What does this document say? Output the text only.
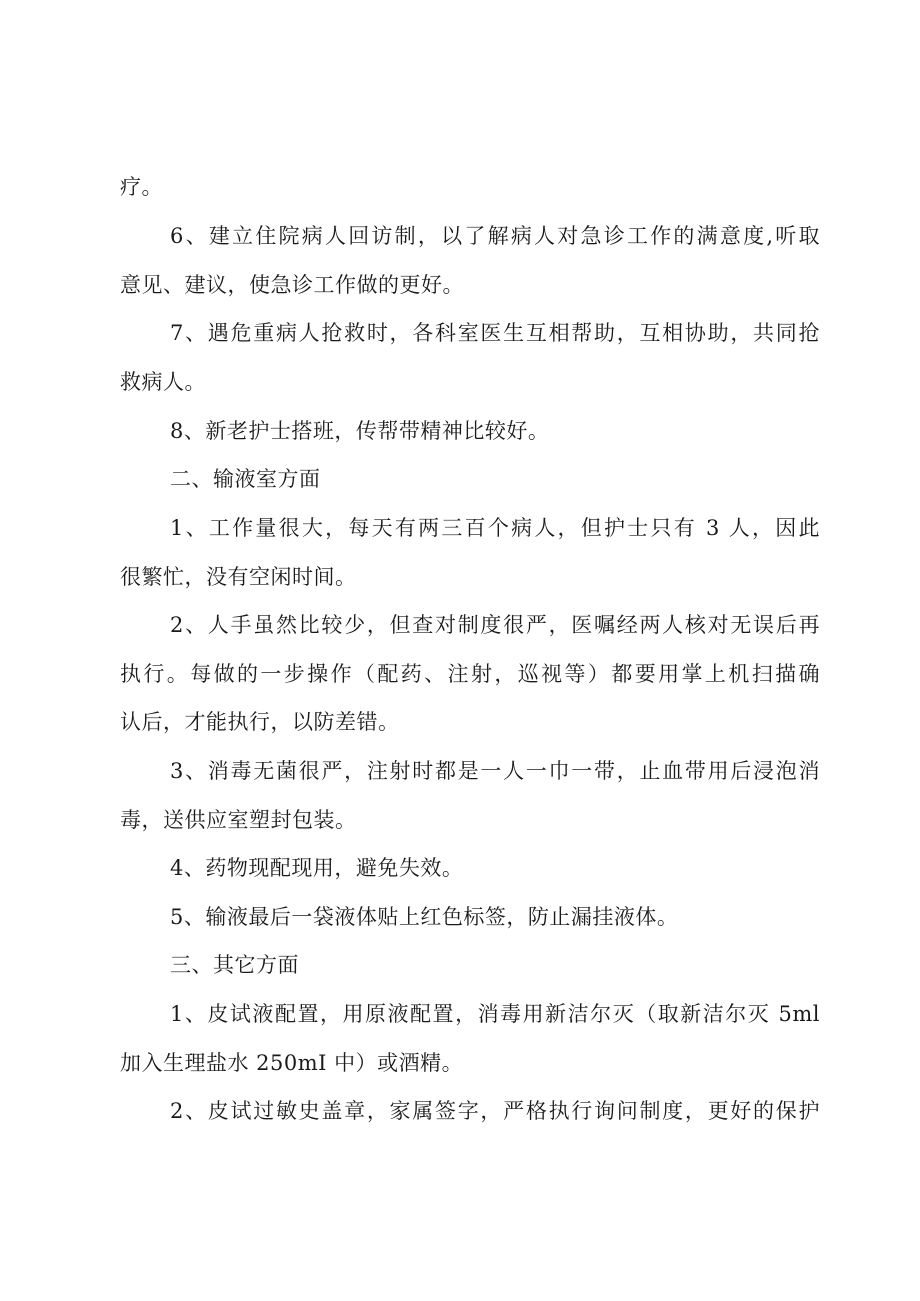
疗。

6、建立住院病人回访制，以了解病人对急诊工作的满意度,听取

意见、建议，使急诊工作做的更好。

7、遇危重病人抢救时，各科室医生互相帮助，互相协助，共同抢

救病人。

8、新老护士搭班，传帮带精神比较好。

二、输液室方面

1、工作量很大，每天有两三百个病人，但护士只有 3 人，因此

很繁忙，没有空闲时间。

2、人手虽然比较少，但查对制度很严，医嘱经两人核对无误后再

执行。每做的一步操作（配药、注射，巡视等）都要用掌上机扫描确

认后，才能执行，以防差错。

3、消毒无菌很严，注射时都是一人一巾一带，止血带用后浸泡消

毒，送供应室塑封包装。

4、药物现配现用，避免失效。

5、输液最后一袋液体贴上红色标签，防止漏挂液体。

三、其它方面

1、皮试液配置，用原液配置，消毒用新洁尔灭（取新洁尔灭 5ml

加入生理盐水 250mI 中）或酒精。

2、皮试过敏史盖章，家属签字，严格执行询问制度，更好的保护
